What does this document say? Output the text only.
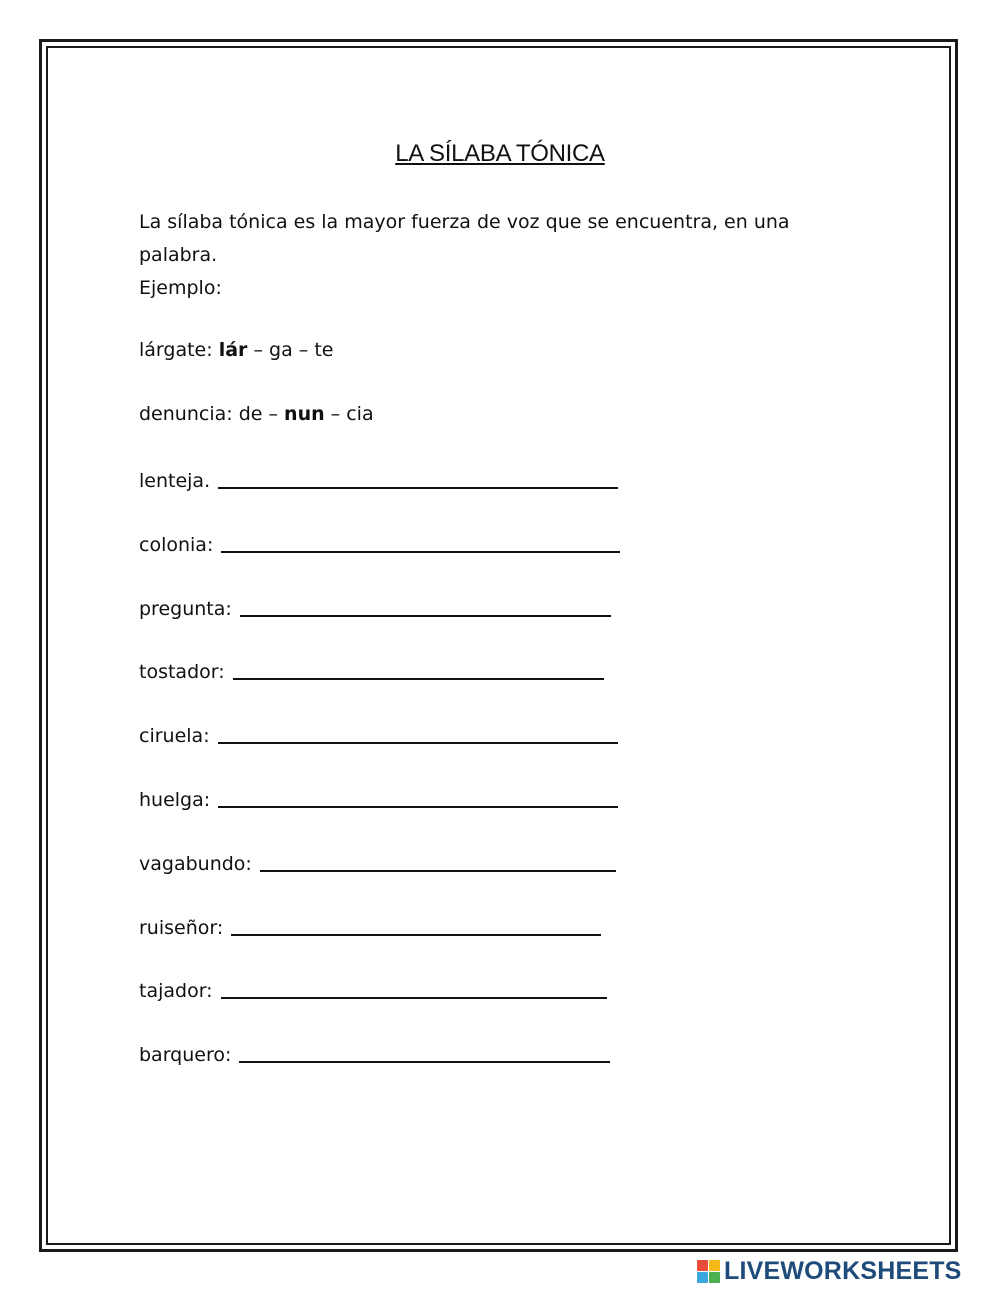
LA SÍLABA TÓNICA
La sílaba tónica es la mayor fuerza de voz que se encuentra, en una
palabra.
Ejemplo:
lárgate: lár – ga – te
denuncia: de – nun – cia
lenteja.
colonia:
pregunta:
tostador:
ciruela:
huelga:
vagabundo:
ruiseñor:
tajador:
barquero:
LIVEWORKSHEETS
